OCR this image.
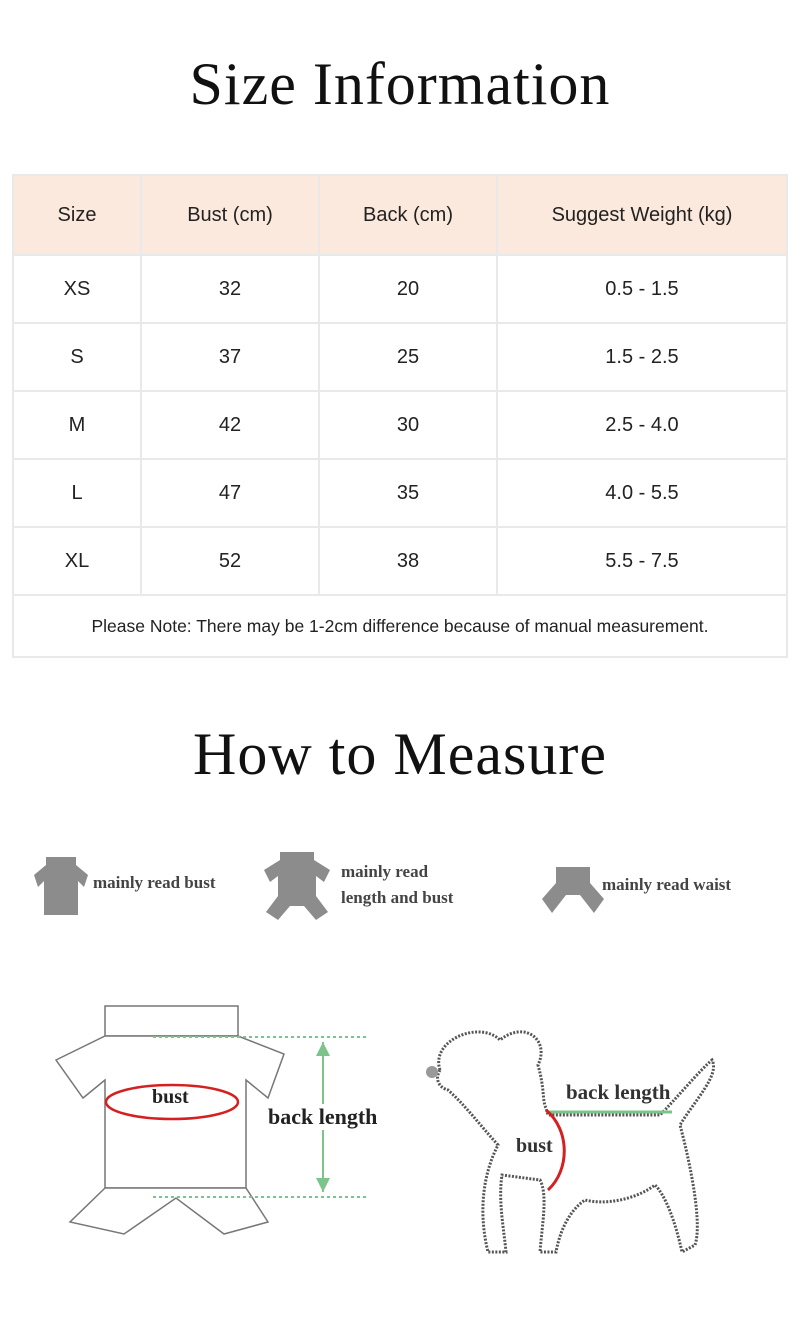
Size Information
Size	Bust (cm)	Back (cm)	Suggest Weight (kg)
XS	32	20	0.5 - 1.5
S	37	25	1.5 - 2.5
M	42	30	2.5 - 4.0
L	47	35	4.0 - 5.5
XL	52	38	5.5 - 7.5
Please Note: There may be 1-2cm difference because of manual measurement.			
How to Measure
mainly read bust
mainly read
length and bust
mainly read waist
bust
back length
back length
bust
